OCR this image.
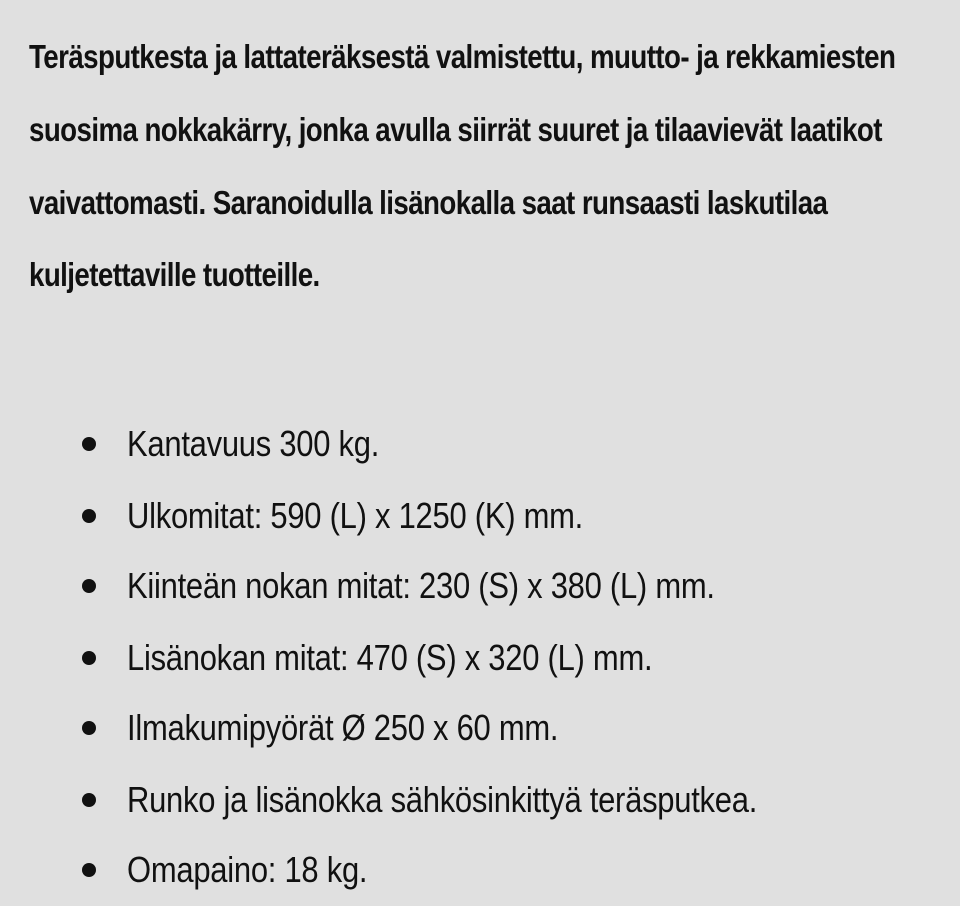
Teräsputkesta ja lattateräksestä valmistettu, muutto- ja rekkamiesten suosima nokkakärry, jonka avulla siirrät suuret ja tilaavievät laatikot vaivattomasti. Saranoidulla lisänokalla saat runsaasti laskutilaa kuljetettaville tuotteille.

Kantavuus 300 kg.
Ulkomitat: 590 (L) x 1250 (K) mm.
Kiinteän nokan mitat: 230 (S) x 380 (L) mm.
Lisänokan mitat: 470 (S) x 320 (L) mm.
Ilmakumipyörät Ø 250 x 60 mm.
Runko ja lisänokka sähkösinkittyä teräsputkea.
Omapaino: 18 kg.
